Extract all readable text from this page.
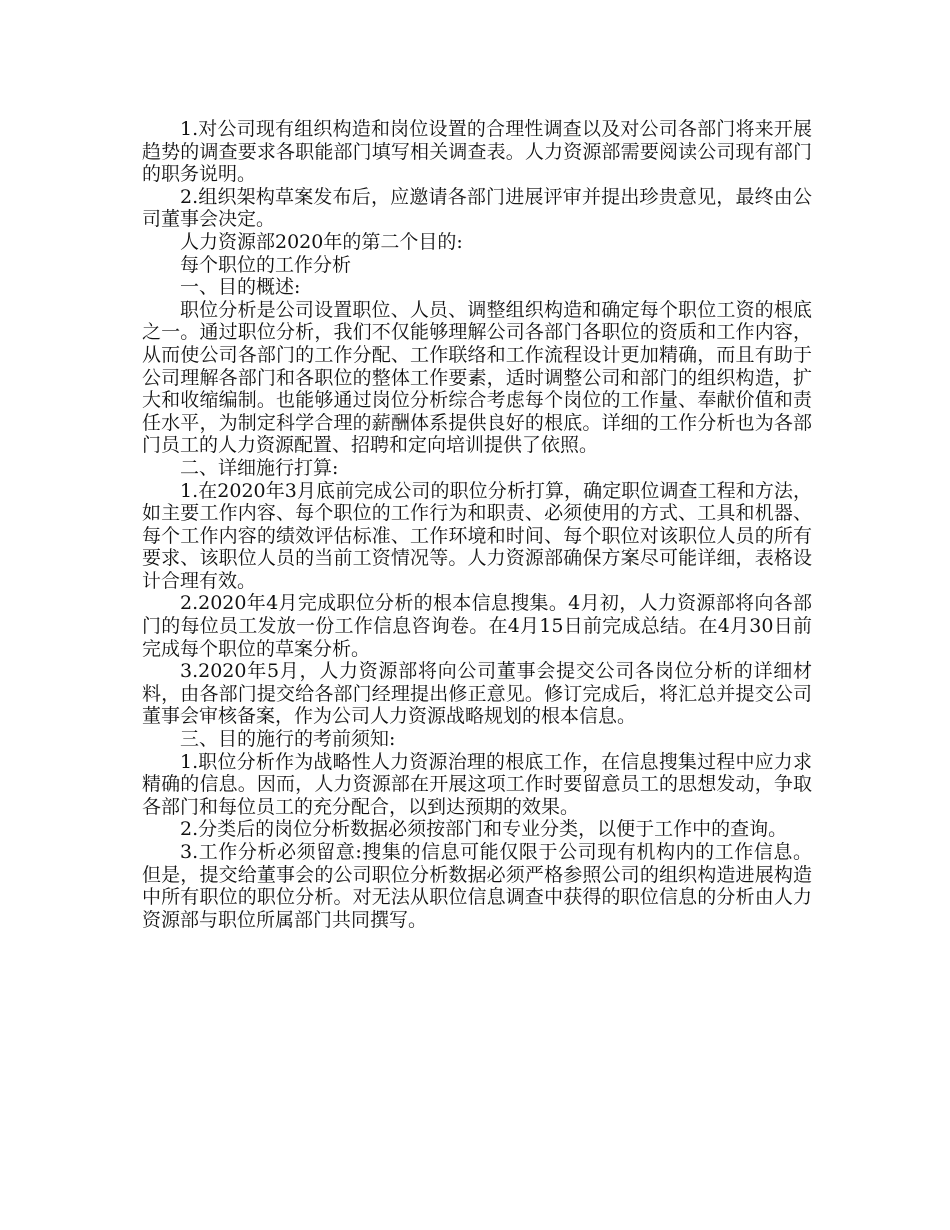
1.对公司现有组织构造和岗位设置的合理性调查以及对公司各部门将来开展趋势的调查要求各职能部门填写相关调查表。人力资源部需要阅读公司现有部门的职务说明。

2.组织架构草案发布后，应邀请各部门进展评审并提出珍贵意见，最终由公司董事会决定。

人力资源部2020年的第二个目的:

每个职位的工作分析

一、目的概述:

职位分析是公司设置职位、人员、调整组织构造和确定每个职位工资的根底之一。通过职位分析，我们不仅能够理解公司各部门各职位的资质和工作内容，从而使公司各部门的工作分配、工作联络和工作流程设计更加精确，而且有助于公司理解各部门和各职位的整体工作要素，适时调整公司和部门的组织构造，扩大和收缩编制。也能够通过岗位分析综合考虑每个岗位的工作量、奉献价值和责任水平，为制定科学合理的薪酬体系提供良好的根底。详细的工作分析也为各部门员工的人力资源配置、招聘和定向培训提供了依照。

二、详细施行打算:

1.在2020年3月底前完成公司的职位分析打算，确定职位调查工程和方法，如主要工作内容、每个职位的工作行为和职责、必须使用的方式、工具和机器、每个工作内容的绩效评估标准、工作环境和时间、每个职位对该职位人员的所有要求、该职位人员的当前工资情况等。人力资源部确保方案尽可能详细，表格设计合理有效。

2.2020年4月完成职位分析的根本信息搜集。4月初，人力资源部将向各部门的每位员工发放一份工作信息咨询卷。在4月15日前完成总结。在4月30日前完成每个职位的草案分析。

3.2020年5月，人力资源部将向公司董事会提交公司各岗位分析的详细材料，由各部门提交给各部门经理提出修正意见。修订完成后，将汇总并提交公司董事会审核备案，作为公司人力资源战略规划的根本信息。

三、目的施行的考前须知:

1.职位分析作为战略性人力资源治理的根底工作，在信息搜集过程中应力求精确的信息。因而，人力资源部在开展这项工作时要留意员工的思想发动，争取各部门和每位员工的充分配合，以到达预期的效果。

2.分类后的岗位分析数据必须按部门和专业分类，以便于工作中的查询。

3.工作分析必须留意:搜集的信息可能仅限于公司现有机构内的工作信息。但是，提交给董事会的公司职位分析数据必须严格参照公司的组织构造进展构造中所有职位的职位分析。对无法从职位信息调查中获得的职位信息的分析由人力资源部与职位所属部门共同撰写。
